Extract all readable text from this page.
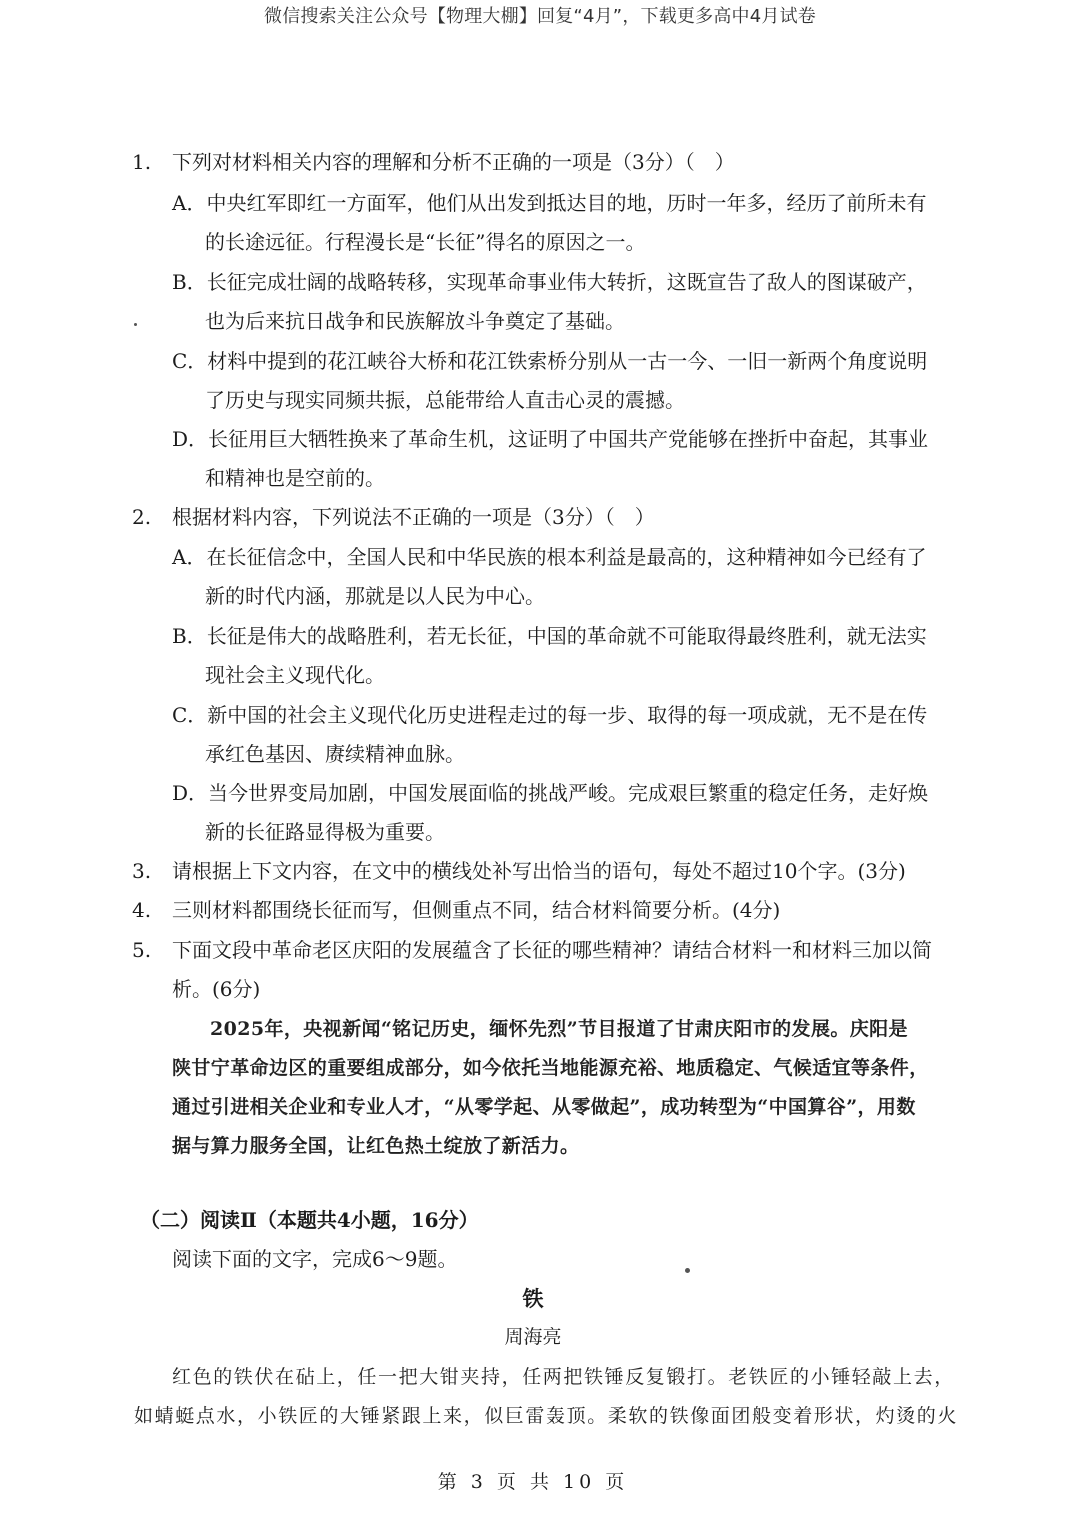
微信搜索关注公众号【物理大棚】回复“4月”，下载更多高中4月试卷
1.	下列对材料相关内容的理解和分析不正确的一项是（3分）（　）
A．中央红军即红一方面军，他们从出发到抵达目的地，历时一年多，经历了前所未有
的长途远征。行程漫长是“长征”得名的原因之一。
B．长征完成壮阔的战略转移，实现革命事业伟大转折，这既宣告了敌人的图谋破产，
也为后来抗日战争和民族解放斗争奠定了基础。
C．材料中提到的花江峡谷大桥和花江铁索桥分别从一古一今、一旧一新两个角度说明
了历史与现实同频共振，总能带给人直击心灵的震撼。
D．长征用巨大牺牲换来了革命生机，这证明了中国共产党能够在挫折中奋起，其事业
和精神也是空前的。
2.	根据材料内容，下列说法不正确的一项是（3分）（　）
A．在长征信念中，全国人民和中华民族的根本利益是最高的，这种精神如今已经有了
新的时代内涵，那就是以人民为中心。
B．长征是伟大的战略胜利，若无长征，中国的革命就不可能取得最终胜利，就无法实
现社会主义现代化。
C．新中国的社会主义现代化历史进程走过的每一步、取得的每一项成就，无不是在传
承红色基因、赓续精神血脉。
D．当今世界变局加剧，中国发展面临的挑战严峻。完成艰巨繁重的稳定任务，走好焕
新的长征路显得极为重要。
3.	请根据上下文内容，在文中的横线处补写出恰当的语句，每处不超过10个字。(3分)
4.	三则材料都围绕长征而写，但侧重点不同，结合材料简要分析。(4分)
5.	下面文段中革命老区庆阳的发展蕴含了长征的哪些精神？请结合材料一和材料三加以简
析。(6分)
2025年，央视新闻“铭记历史，缅怀先烈”节目报道了甘肃庆阳市的发展。庆阳是
陕甘宁革命边区的重要组成部分，如今依托当地能源充裕、地质稳定、气候适宜等条件，
通过引进相关企业和专业人才，“从零学起、从零做起”，成功转型为“中国算谷”，用数
据与算力服务全国，让红色热土绽放了新活力。
（二）阅读Ⅱ（本题共4小题，16分）
阅读下面的文字，完成6～9题。
铁
周海亮
红色的铁伏在砧上，任一把大钳夹持，任两把铁锤反复锻打。老铁匠的小锤轻敲上去，
如蜻蜓点水，小铁匠的大锤紧跟上来，似巨雷轰顶。柔软的铁像面团般变着形状，灼烫的火
第 3 页 共 10 页
